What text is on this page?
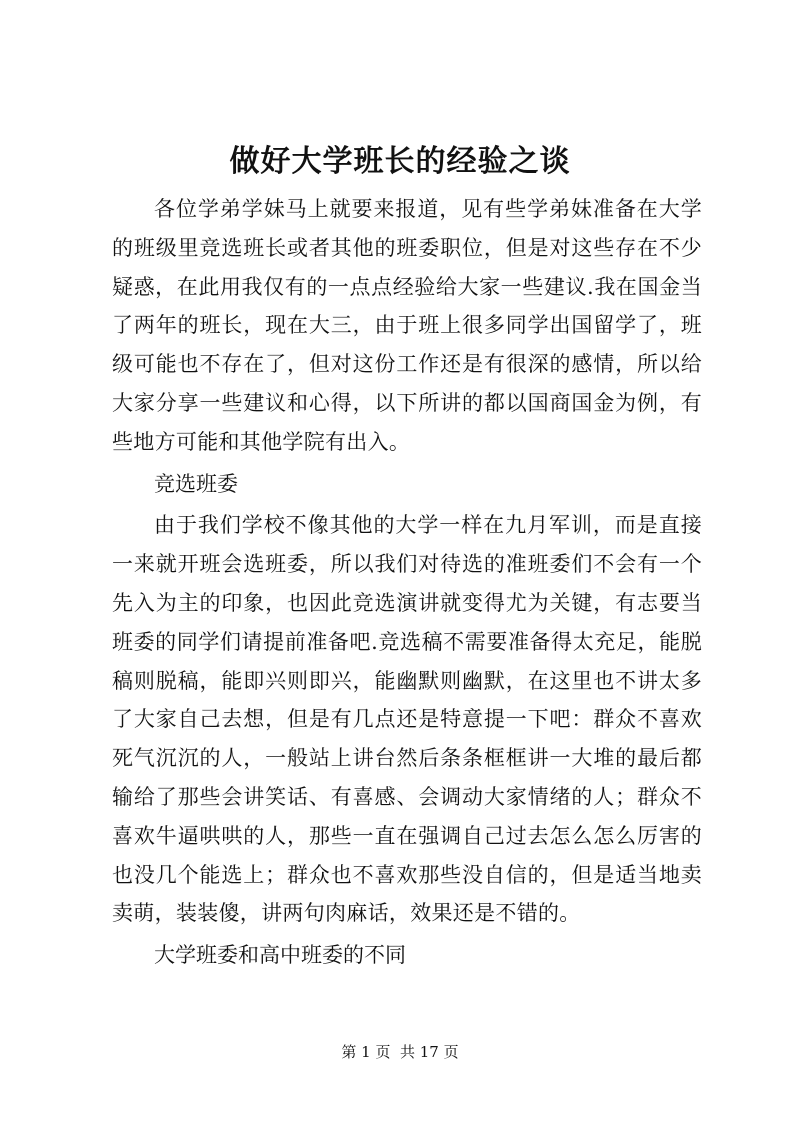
做好大学班长的经验之谈

各位学弟学妹马上就要来报道，见有些学弟妹准备在大学的班级里竞选班长或者其他的班委职位，但是对这些存在不少疑惑，在此用我仅有的一点点经验给大家一些建议.我在国金当了两年的班长，现在大三，由于班上很多同学出国留学了，班级可能也不存在了，但对这份工作还是有很深的感情，所以给大家分享一些建议和心得，以下所讲的都以国商国金为例，有些地方可能和其他学院有出入。

竞选班委

由于我们学校不像其他的大学一样在九月军训，而是直接一来就开班会选班委，所以我们对待选的准班委们不会有一个先入为主的印象，也因此竞选演讲就变得尤为关键，有志要当班委的同学们请提前准备吧.竞选稿不需要准备得太充足，能脱稿则脱稿，能即兴则即兴，能幽默则幽默，在这里也不讲太多了大家自己去想，但是有几点还是特意提一下吧：群众不喜欢死气沉沉的人，一般站上讲台然后条条框框讲一大堆的最后都输给了那些会讲笑话、有喜感、会调动大家情绪的人；群众不喜欢牛逼哄哄的人，那些一直在强调自己过去怎么怎么厉害的也没几个能选上；群众也不喜欢那些没自信的，但是适当地卖卖萌，装装傻，讲两句肉麻话，效果还是不错的。

大学班委和高中班委的不同

第 1 页  共 17 页
